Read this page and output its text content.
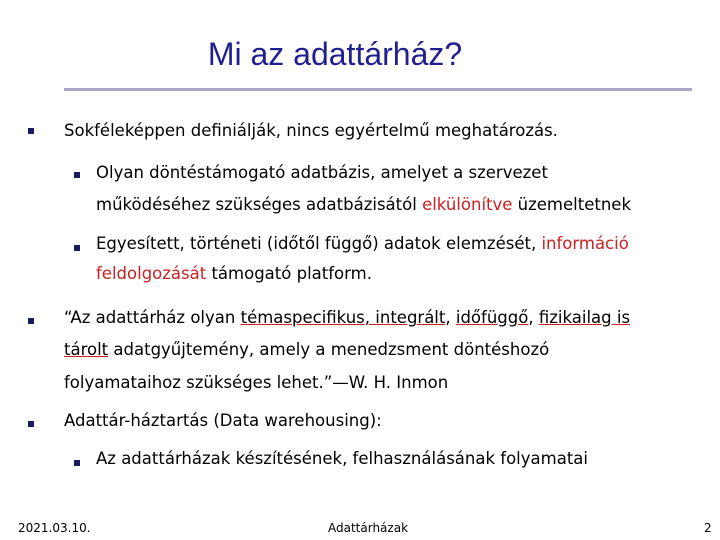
Mi az adattárház?
Sokféleképpen definiálják, nincs egyértelmű meghatározás.
Olyan döntéstámogató adatbázis, amelyet a szervezet
működéséhez szükséges adatbázisától elkülönítve üzemeltetnek
Egyesített, történeti (időtől függő) adatok elemzését, információ
feldolgozását támogató platform.
“Az adattárház olyan témaspecifikus, integrált, időfüggő, fizikailag is
tárolt adatgyűjtemény, amely a menedzsment döntéshozó
folyamataihoz szükséges lehet.”—W. H. Inmon
Adattár-háztartás (Data warehousing):
Az adattárházak készítésének, felhasználásának folyamatai
2021.03.10.	Adattárházak	2
